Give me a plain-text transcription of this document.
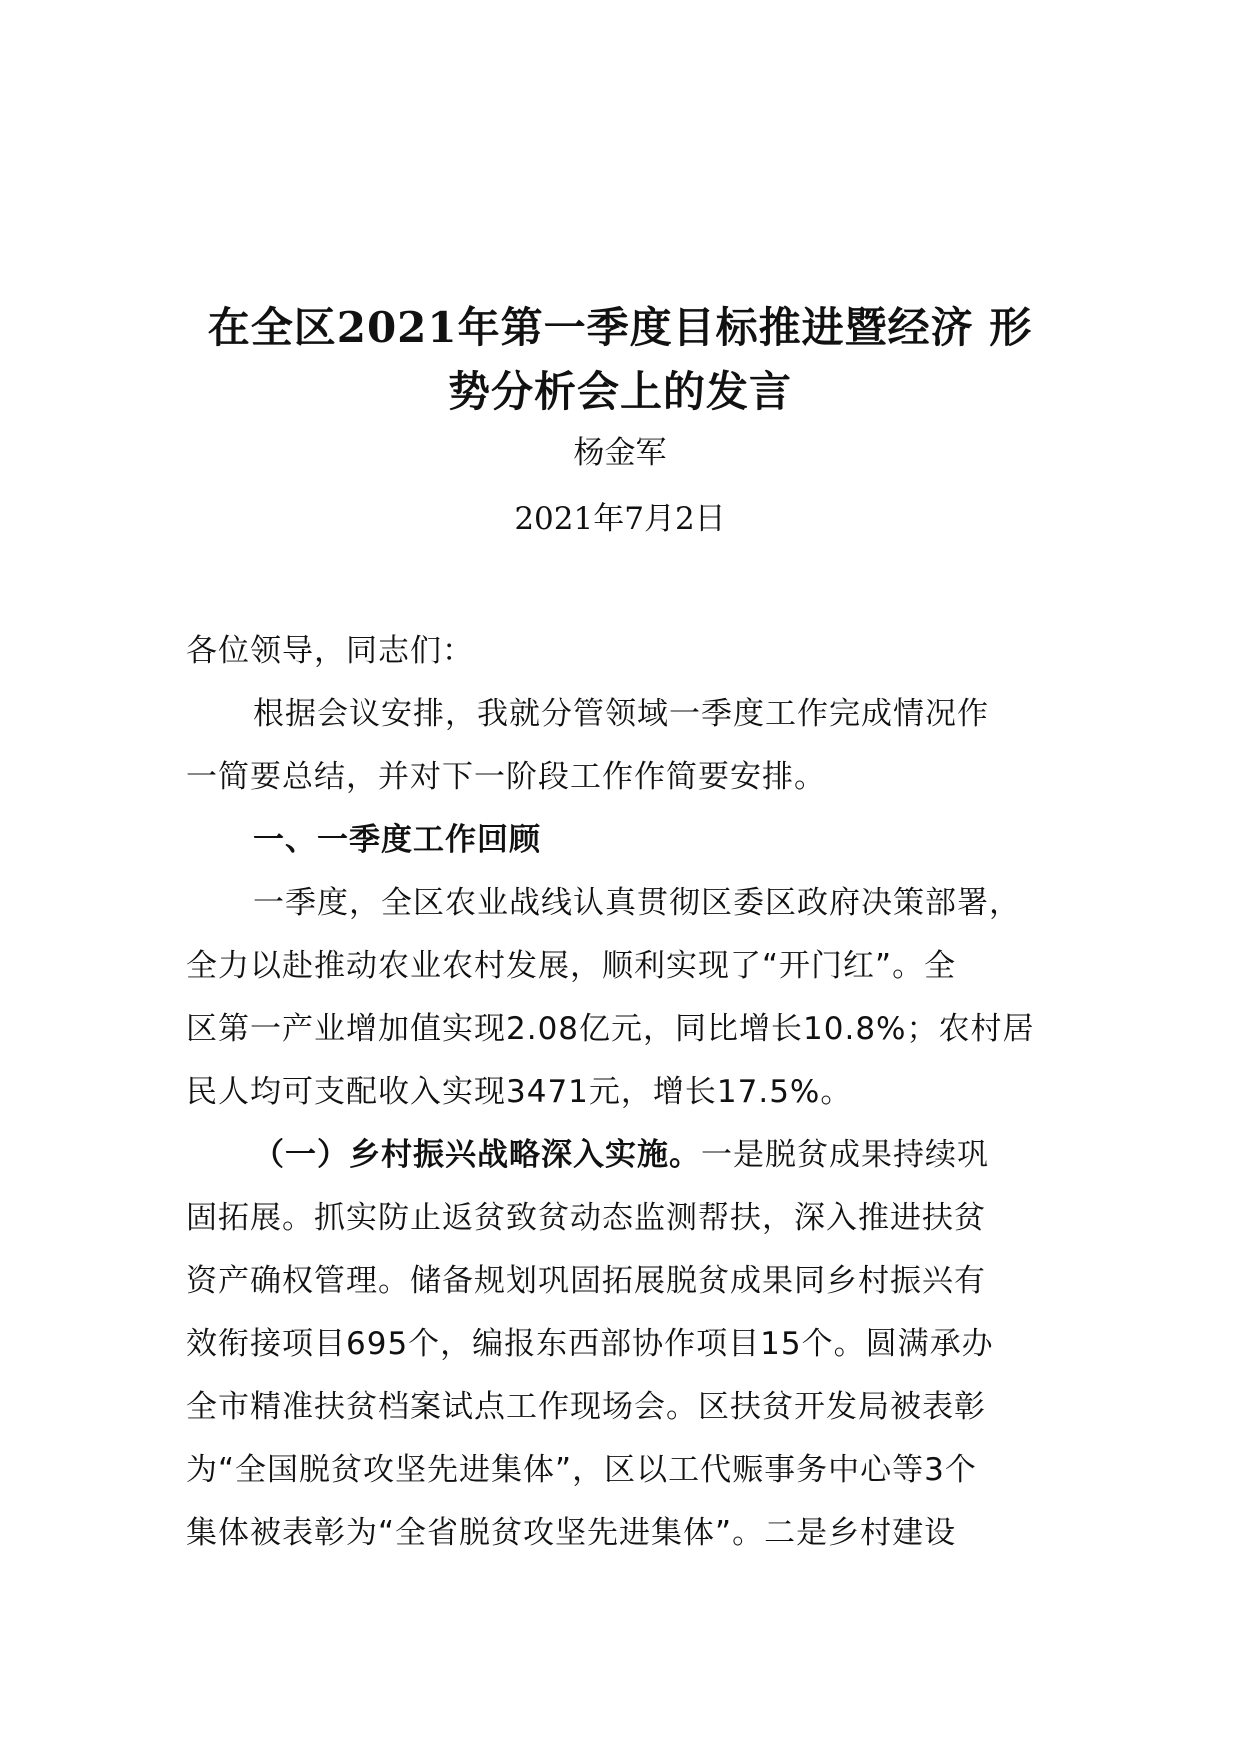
在全区2021年第一季度目标推进暨经济 形
势分析会上的发言
杨金军
2021年7月2日
各位领导，同志们：
根据会议安排，我就分管领域一季度工作完成情况作
一简要总结，并对下一阶段工作作简要安排。
一、一季度工作回顾
一季度，全区农业战线认真贯彻区委区政府决策部署，
全力以赴推动农业农村发展，顺利实现了“开门红”。全
区第一产业增加值实现2.08亿元，同比增长10.8%；农村居
民人均可支配收入实现3471元，增长17.5%。
（一）乡村振兴战略深入实施。一是脱贫成果持续巩
固拓展。抓实防止返贫致贫动态监测帮扶，深入推进扶贫
资产确权管理。储备规划巩固拓展脱贫成果同乡村振兴有
效衔接项目695个，编报东西部协作项目15个。圆满承办
全市精准扶贫档案试点工作现场会。区扶贫开发局被表彰
为“全国脱贫攻坚先进集体”，区以工代赈事务中心等3个
集体被表彰为“全省脱贫攻坚先进集体”。二是乡村建设
